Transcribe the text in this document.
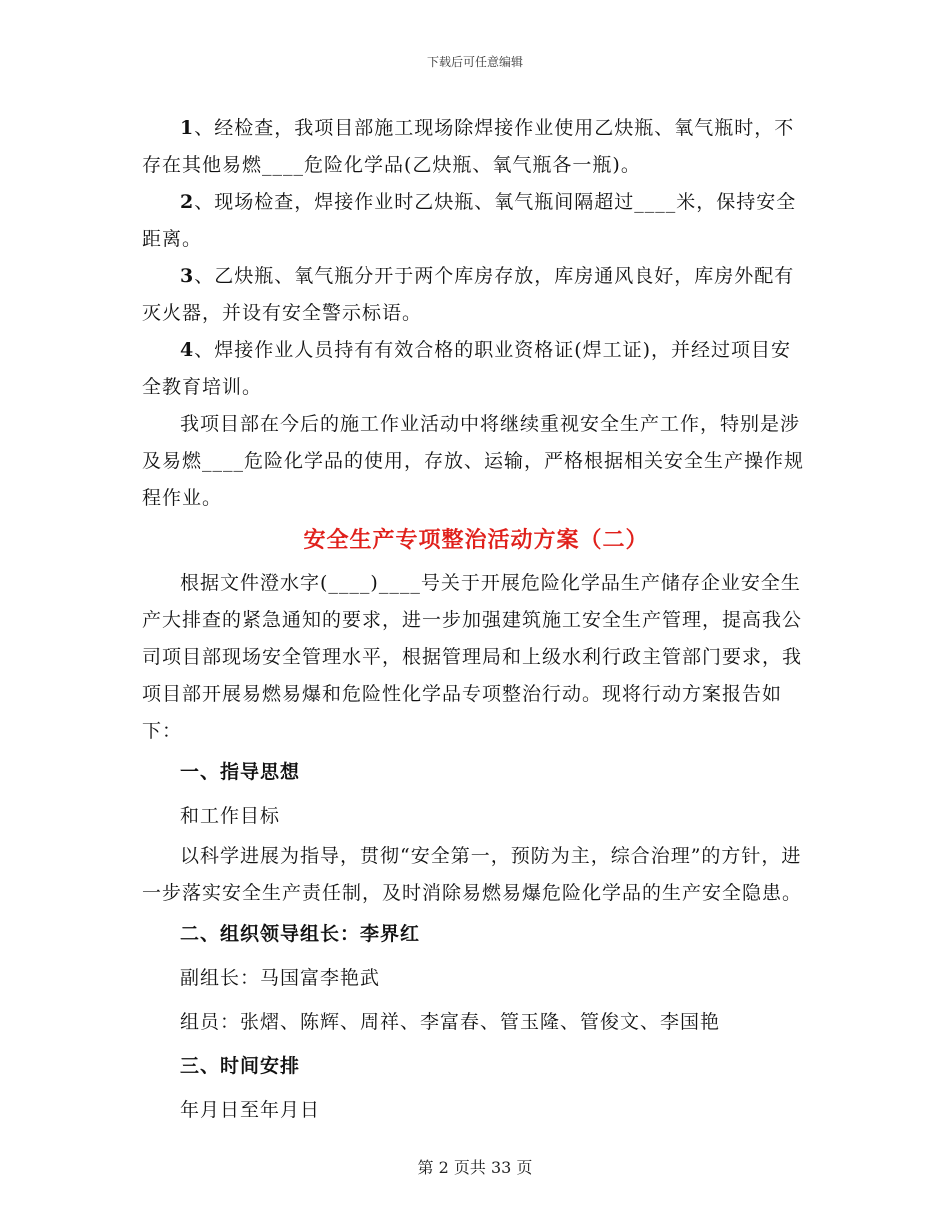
下载后可任意编辑

1、经检查，我项目部施工现场除焊接作业使用乙炔瓶、氧气瓶时，不存在其他易燃____危险化学品(乙炔瓶、氧气瓶各一瓶)。

2、现场检查，焊接作业时乙炔瓶、氧气瓶间隔超过____米，保持安全距离。

3、乙炔瓶、氧气瓶分开于两个库房存放，库房通风良好，库房外配有灭火器，并设有安全警示标语。

4、焊接作业人员持有有效合格的职业资格证(焊工证)，并经过项目安全教育培训。

我项目部在今后的施工作业活动中将继续重视安全生产工作，特别是涉及易燃____危险化学品的使用，存放、运输，严格根据相关安全生产操作规程作业。

安全生产专项整治活动方案（二）

根据文件澄水字(____)____号关于开展危险化学品生产储存企业安全生产大排查的紧急通知的要求，进一步加强建筑施工安全生产管理，提高我公司项目部现场安全管理水平，根据管理局和上级水利行政主管部门要求，我项目部开展易燃易爆和危险性化学品专项整治行动。现将行动方案报告如下：

一、指导思想

和工作目标

以科学进展为指导，贯彻“安全第一，预防为主，综合治理”的方针，进一步落实安全生产责任制，及时消除易燃易爆危险化学品的生产安全隐患。

二、组织领导组长：李界红

副组长：马国富李艳武

组员：张熠、陈辉、周祥、李富春、管玉隆、管俊文、李国艳

三、时间安排

年月日至年月日

第 2 页共 33 页
